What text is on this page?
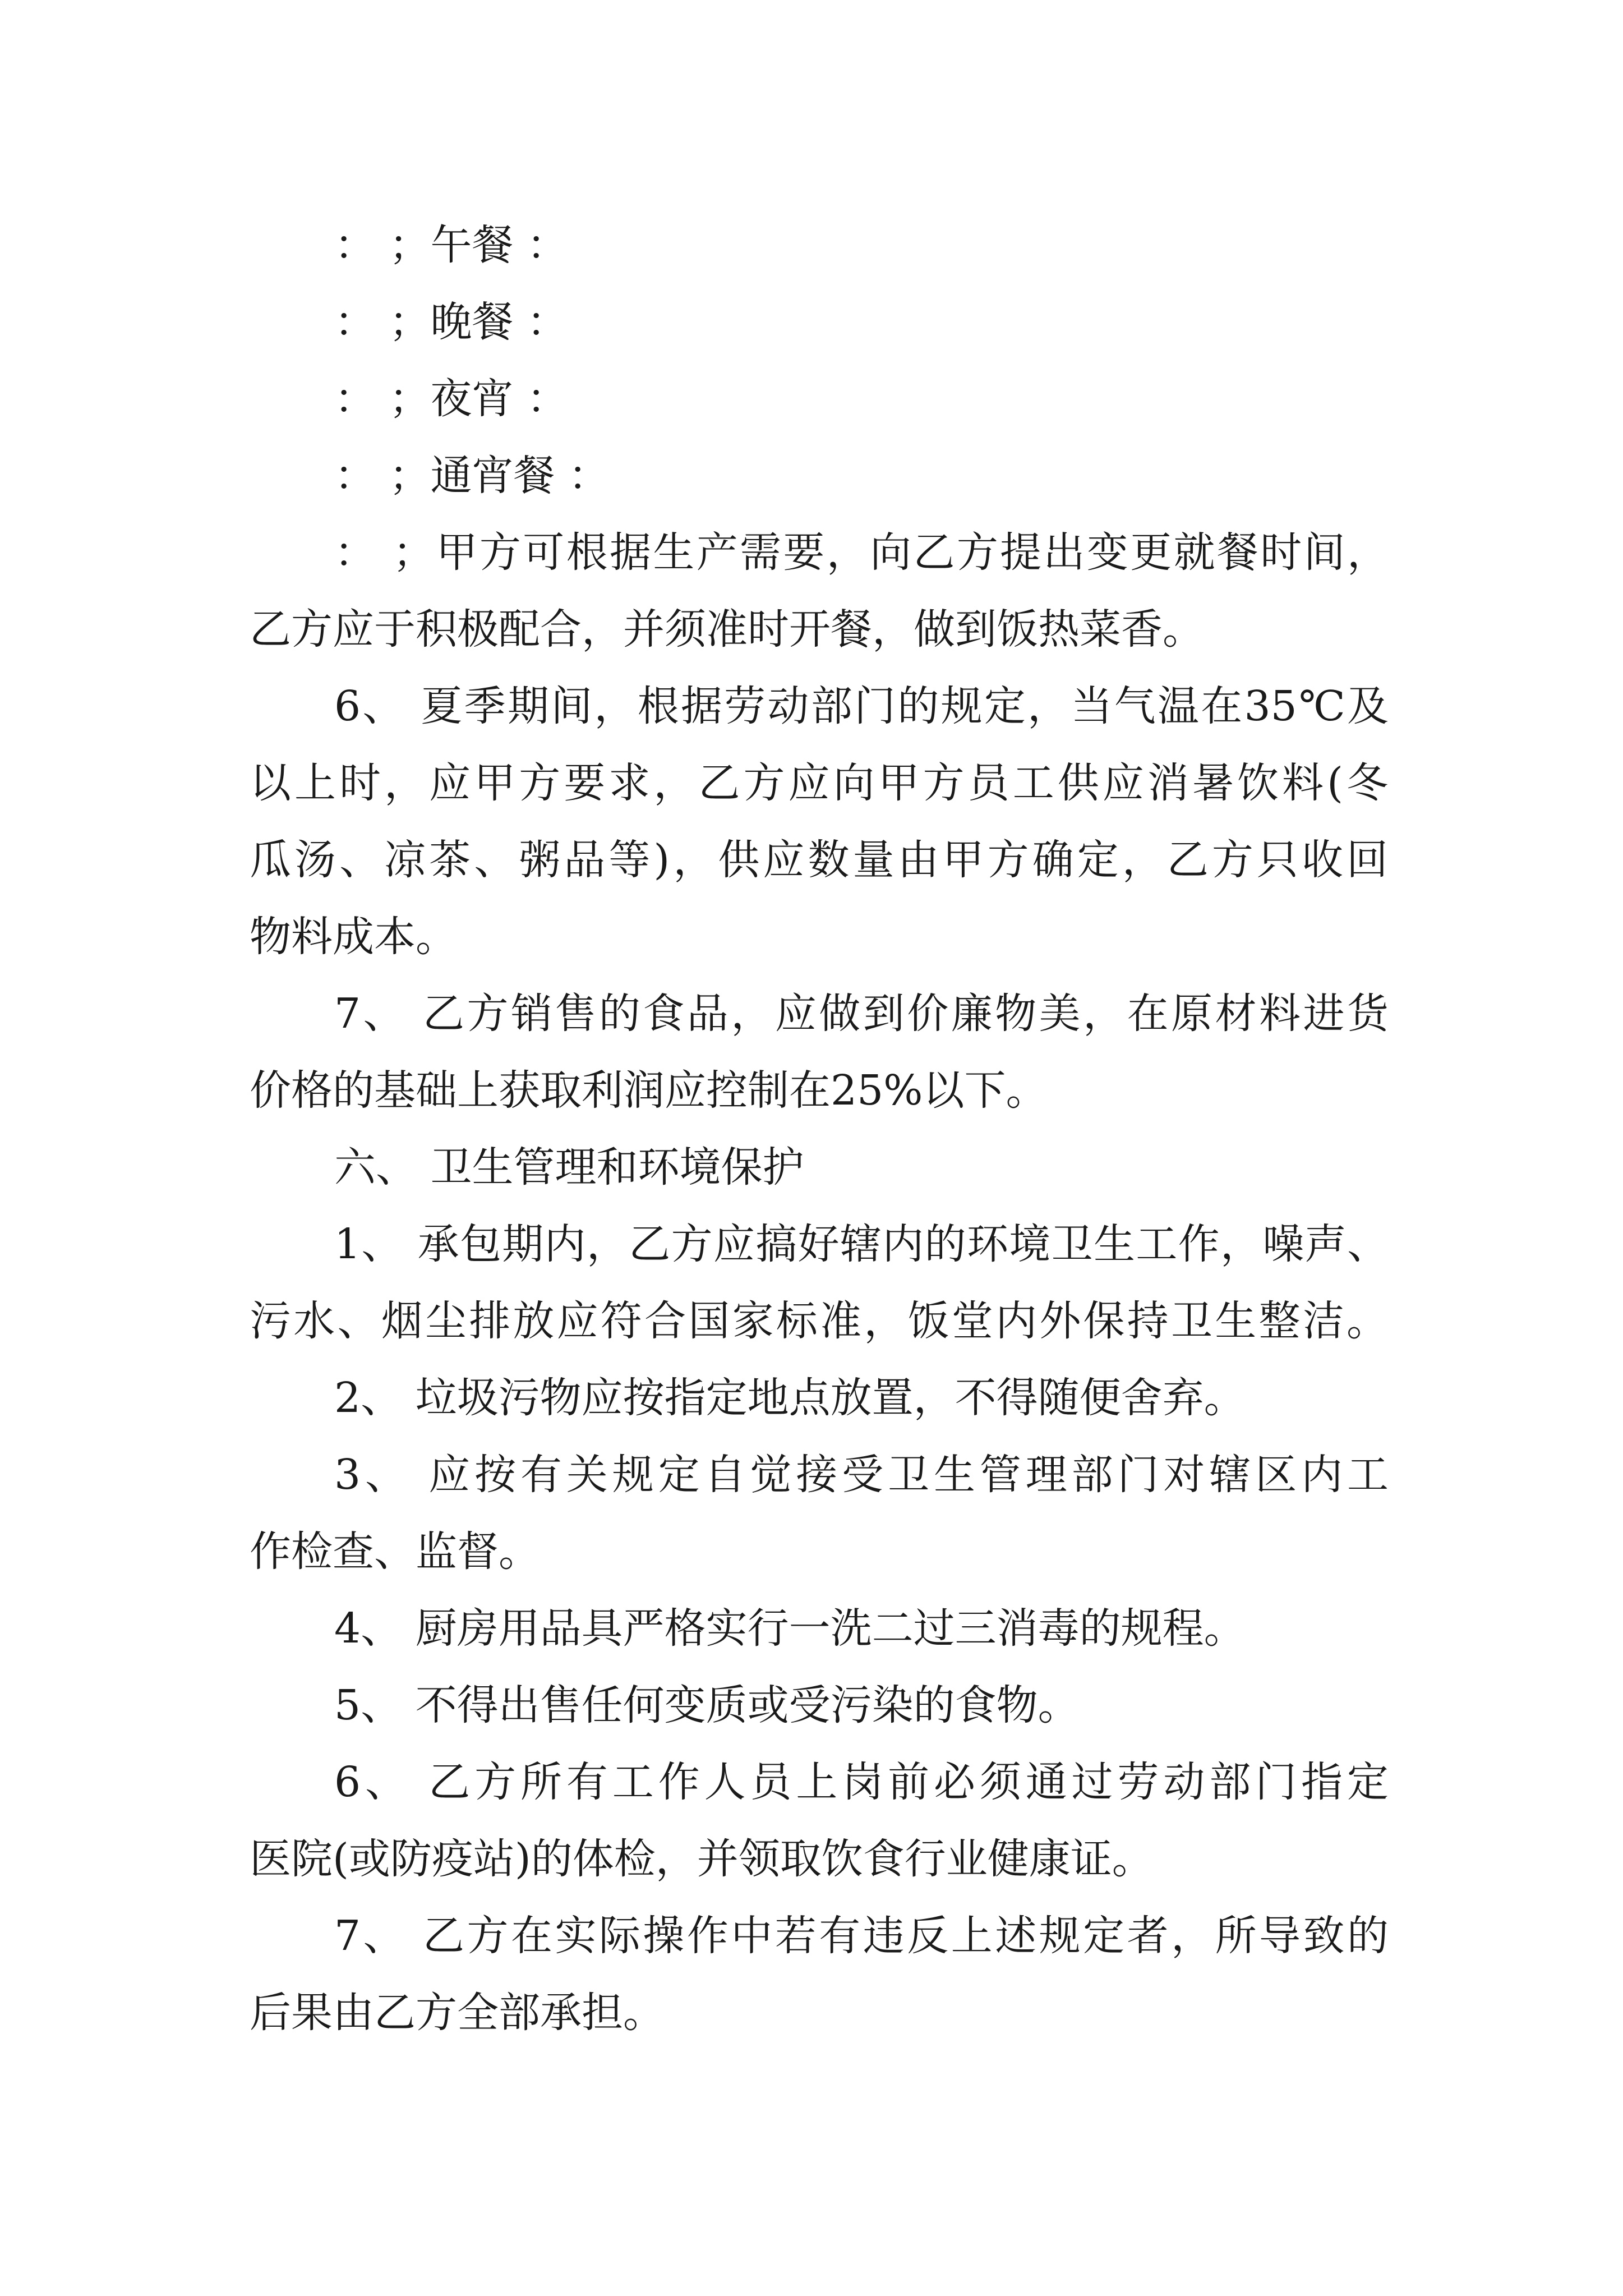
： ；午餐 ：
： ；晚餐 ：
： ；夜宵 ：
： ；通宵餐 ：
： ；甲方可根据生产需要，向乙方提出变更就餐时间，
乙方应于积极配合，并须准时开餐，做到饭热菜香。
6、 夏季期间，根据劳动部门的规定，当气温在35℃及
以上时，应甲方要求，乙方应向甲方员工供应消暑饮料(冬
瓜汤、凉茶、粥品等)，供应数量由甲方确定，乙方只收回
物料成本。
7、 乙方销售的食品，应做到价廉物美，在原材料进货
价格的基础上获取利润应控制在25%以下。
六、 卫生管理和环境保护
1、 承包期内，乙方应搞好辖内的环境卫生工作，噪声、
污水、烟尘排放应符合国家标准，饭堂内外保持卫生整洁。
2、 垃圾污物应按指定地点放置，不得随便舍弃。
3、 应按有关规定自觉接受卫生管理部门对辖区内工
作检查、监督。
4、 厨房用品具严格实行一洗二过三消毒的规程。
5、 不得出售任何变质或受污染的食物。
6、 乙方所有工作人员上岗前必须通过劳动部门指定
医院(或防疫站)的体检，并领取饮食行业健康证。
7、 乙方在实际操作中若有违反上述规定者，所导致的
后果由乙方全部承担。
